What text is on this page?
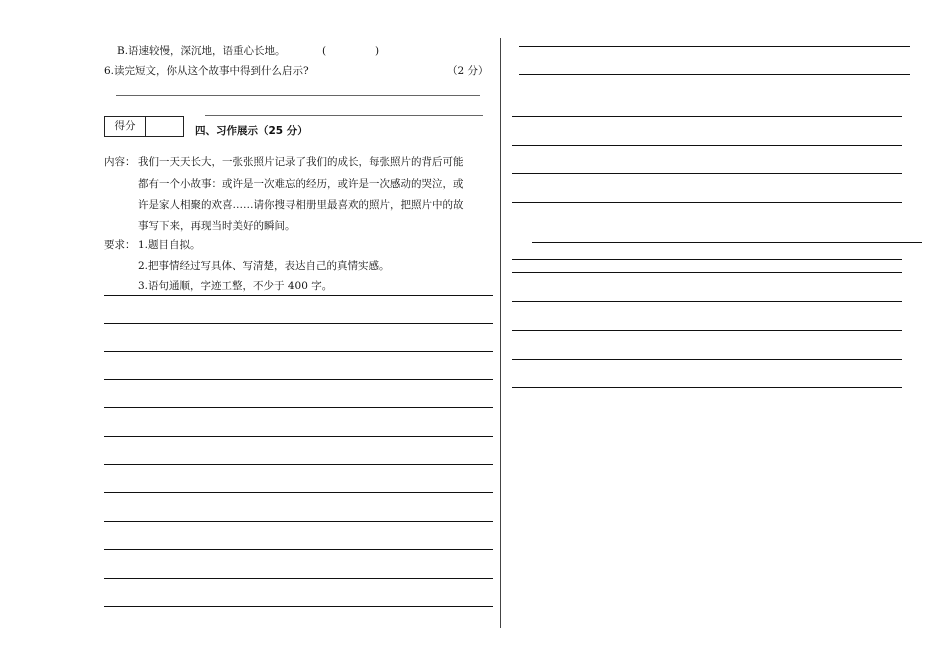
B.语速较慢，深沉地，语重心长地。	(	)
6.读完短文，你从这个故事中得到什么启示?	（2 分）
得分	四、习作展示（25 分）
内容： 我们一天天长大，一张张照片记录了我们的成长，每张照片的背后可能
都有一个小故事：或许是一次难忘的经历，或许是一次感动的哭泣，或
许是家人相聚的欢喜……请你搜寻相册里最喜欢的照片，把照片中的故
事写下来，再现当时美好的瞬间。
要求： 1.题目自拟。
2.把事情经过写具体、写清楚，表达自己的真情实感。
3.语句通顺，字迹工整，不少于 400 字。
